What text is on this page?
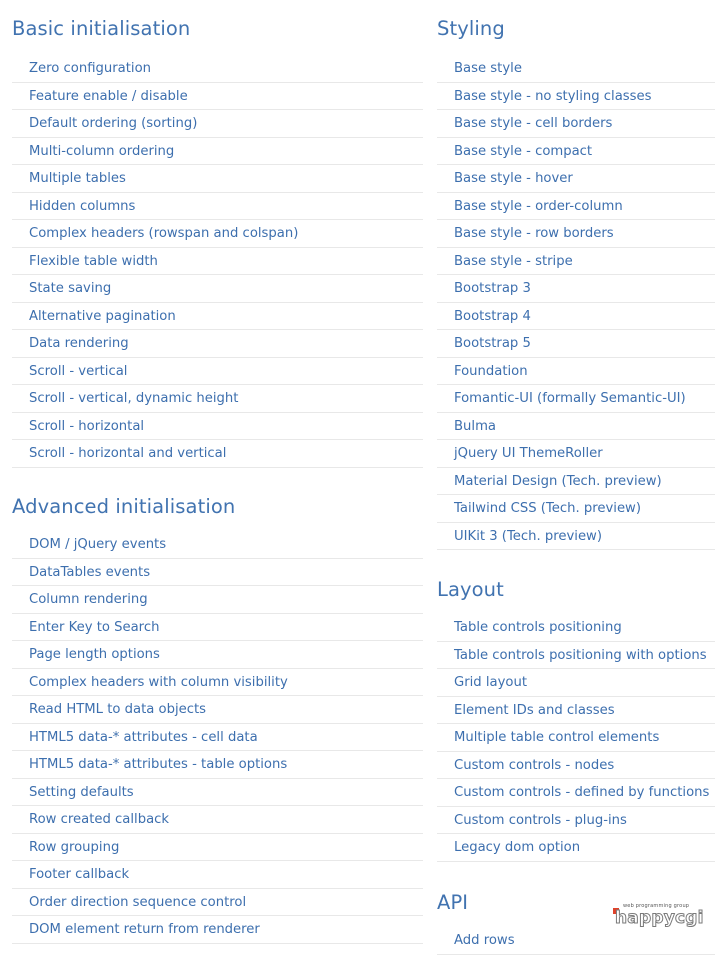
Basic initialisation
Zero configuration
Feature enable / disable
Default ordering (sorting)
Multi-column ordering
Multiple tables
Hidden columns
Complex headers (rowspan and colspan)
Flexible table width
State saving
Alternative pagination
Data rendering
Scroll - vertical
Scroll - vertical, dynamic height
Scroll - horizontal
Scroll - horizontal and vertical
Advanced initialisation
DOM / jQuery events
DataTables events
Column rendering
Enter Key to Search
Page length options
Complex headers with column visibility
Read HTML to data objects
HTML5 data-* attributes - cell data
HTML5 data-* attributes - table options
Setting defaults
Row created callback
Row grouping
Footer callback
Order direction sequence control
DOM element return from renderer
Styling
Base style
Base style - no styling classes
Base style - cell borders
Base style - compact
Base style - hover
Base style - order-column
Base style - row borders
Base style - stripe
Bootstrap 3
Bootstrap 4
Bootstrap 5
Foundation
Fomantic-UI (formally Semantic-UI)
Bulma
jQuery UI ThemeRoller
Material Design (Tech. preview)
Tailwind CSS (Tech. preview)
UIKit 3 (Tech. preview)
Layout
Table controls positioning
Table controls positioning with options
Grid layout
Element IDs and classes
Multiple table control elements
Custom controls - nodes
Custom controls - defined by functions
Custom controls - plug-ins
Legacy dom option
API
Add rows
web programming group
happycgi
